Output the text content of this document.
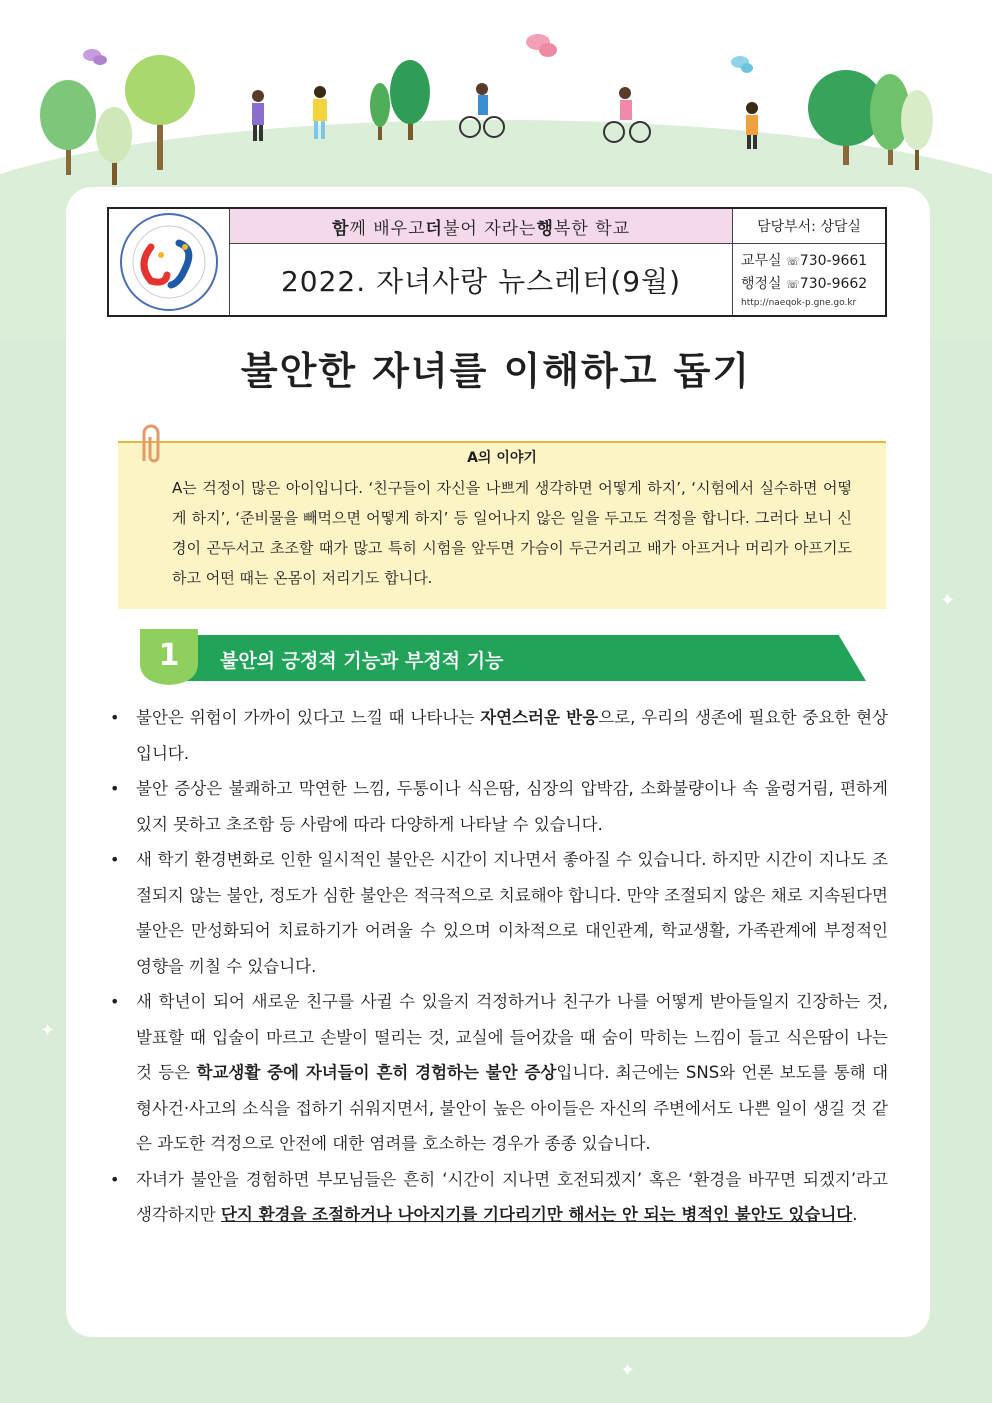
✦
✦
✦
✦
✦
함 께 배우고 더 불어 자라는 행 복한 학교
2022. 자녀사랑 뉴스레터(9월)
담당부서: 상담실
교무실 ☏730-9661
행정실 ☏730-9662
http://naeqok-p.gne.go.kr
불안한 자녀를 이해하고 돕기
A의 이야기
A는 걱정이 많은 아이입니다. ‘친구들이 자신을 나쁘게 생각하면 어떻게 하지’, ‘시험에서 실수하면 어떻게 하지’, ‘준비물을 빼먹으면 어떻게 하지’ 등 일어나지 않은 일을 두고도 걱정을 합니다. 그러다 보니 신경이 곤두서고 초조할 때가 많고 특히 시험을 앞두면 가슴이 두근거리고 배가 아프거나 머리가 아프기도 하고 어떤 때는 온몸이 저리기도 합니다.
1	불안의 긍정적 기능과 부정적 기능
• 불안은 위험이 가까이 있다고 느낄 때 나타나는 자연스러운 반응으로, 우리의 생존에 필요한 중요한 현상입니다.
• 불안 증상은 불쾌하고 막연한 느낌, 두통이나 식은땀, 심장의 압박감, 소화불량이나 속 울렁거림, 편하게 있지 못하고 초조함 등 사람에 따라 다양하게 나타날 수 있습니다.
• 새 학기 환경변화로 인한 일시적인 불안은 시간이 지나면서 좋아질 수 있습니다. 하지만 시간이 지나도 조절되지 않는 불안, 정도가 심한 불안은 적극적으로 치료해야 합니다. 만약 조절되지 않은 채로 지속된다면 불안은 만성화되어 치료하기가 어려울 수 있으며 이차적으로 대인관계, 학교생활, 가족관계에 부정적인 영향을 끼칠 수 있습니다.
• 새 학년이 되어 새로운 친구를 사귈 수 있을지 걱정하거나 친구가 나를 어떻게 받아들일지 긴장하는 것, 발표할 때 입술이 마르고 손발이 떨리는 것, 교실에 들어갔을 때 숨이 막히는 느낌이 들고 식은땀이 나는 것 등은 학교생활 중에 자녀들이 흔히 경험하는 불안 증상입니다. 최근에는 SNS와 언론 보도를 통해 대형사건·사고의 소식을 접하기 쉬워지면서, 불안이 높은 아이들은 자신의 주변에서도 나쁜 일이 생길 것 같은 과도한 걱정으로 안전에 대한 염려를 호소하는 경우가 종종 있습니다.
• 자녀가 불안을 경험하면 부모님들은 흔히 ‘시간이 지나면 호전되겠지’ 혹은 ‘환경을 바꾸면 되겠지’라고 생각하지만 단지 환경을 조절하거나 나아지기를 기다리기만 해서는 안 되는 병적인 불안도 있습니다.
